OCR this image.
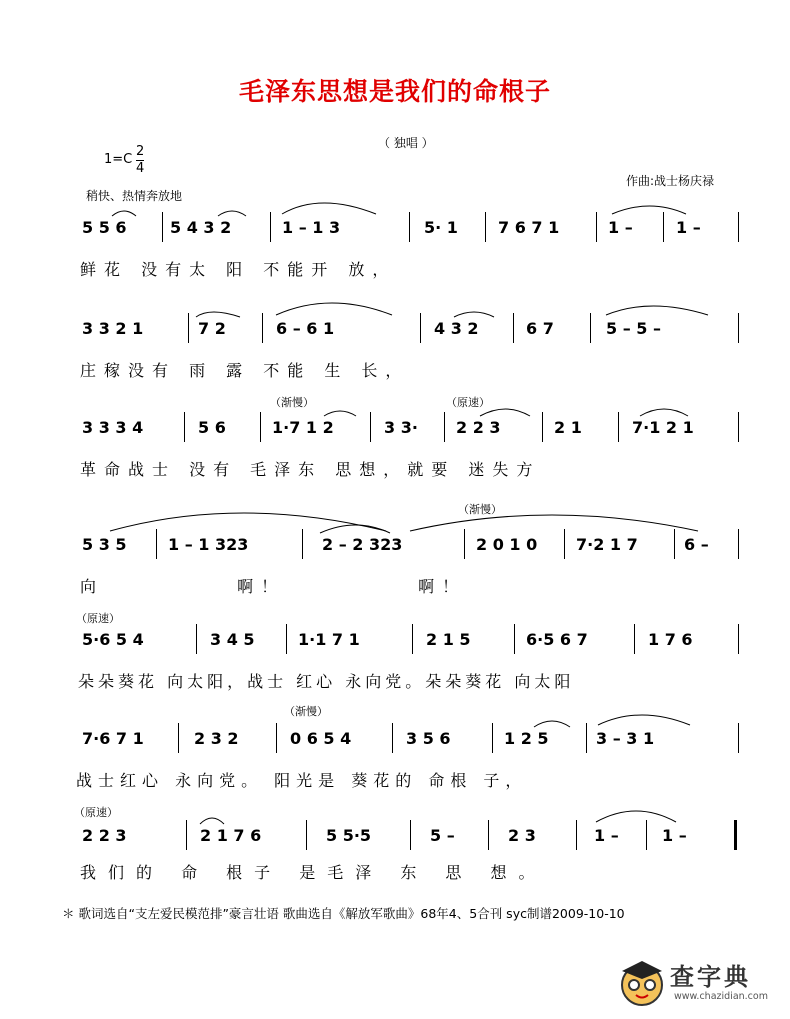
毛泽东思想是我们的命根子
（ 独唱 ）
1=C
2
4
稍快、热情奔放地
作曲:战士杨庆禄
5 5 6	5 4 3 2	1 – 1 3	5· 1	7 6 7 1	1 –	1 –
鲜花 没有太 阳 不能开 放，
3 3 2 1	7 2	6 – 6 1	4 3 2	6 7	5 – 5 –
庄稼没有 雨 露 不能 生 长，
（渐慢）	（原速）
3 3 3 4	5 6	1·7 1 2	3 3· 2 2 3	2 1	7·1 2 1
革命战士 没有 毛泽东 思想，就要 迷失方
（渐慢）
5 3 5	1 – 1 323	2 – 2 323	2 0 1 0 7·2 1 7	6 –
向 啊！ 啊！
（原速）
5·6 5 4	3 4 5	1·1 7 1	2 1 5	6·5 6 7	1 7 6
朵朵葵花 向太阳，战士 红心 永向党。朵朵葵花 向太阳
（渐慢）
7·6 7 1	2 3 2	0 6 5 4	3 5 6	1 2 5	3 – 3 1
战士红心 永向党。 阳光是 葵花的 命根 子，
（原速）
2 2 3	2 1 7 6	5 5·5	5 –	2 3	1 –	1 –
我们的 命 根子 是毛泽 东 思 想。
＊ 歌词选自“支左爱民模范排”豪言壮语 歌曲选自《解放军歌曲》68年4、5合刊 syc制谱2009-10-10
查字典
www.chazidian.com
